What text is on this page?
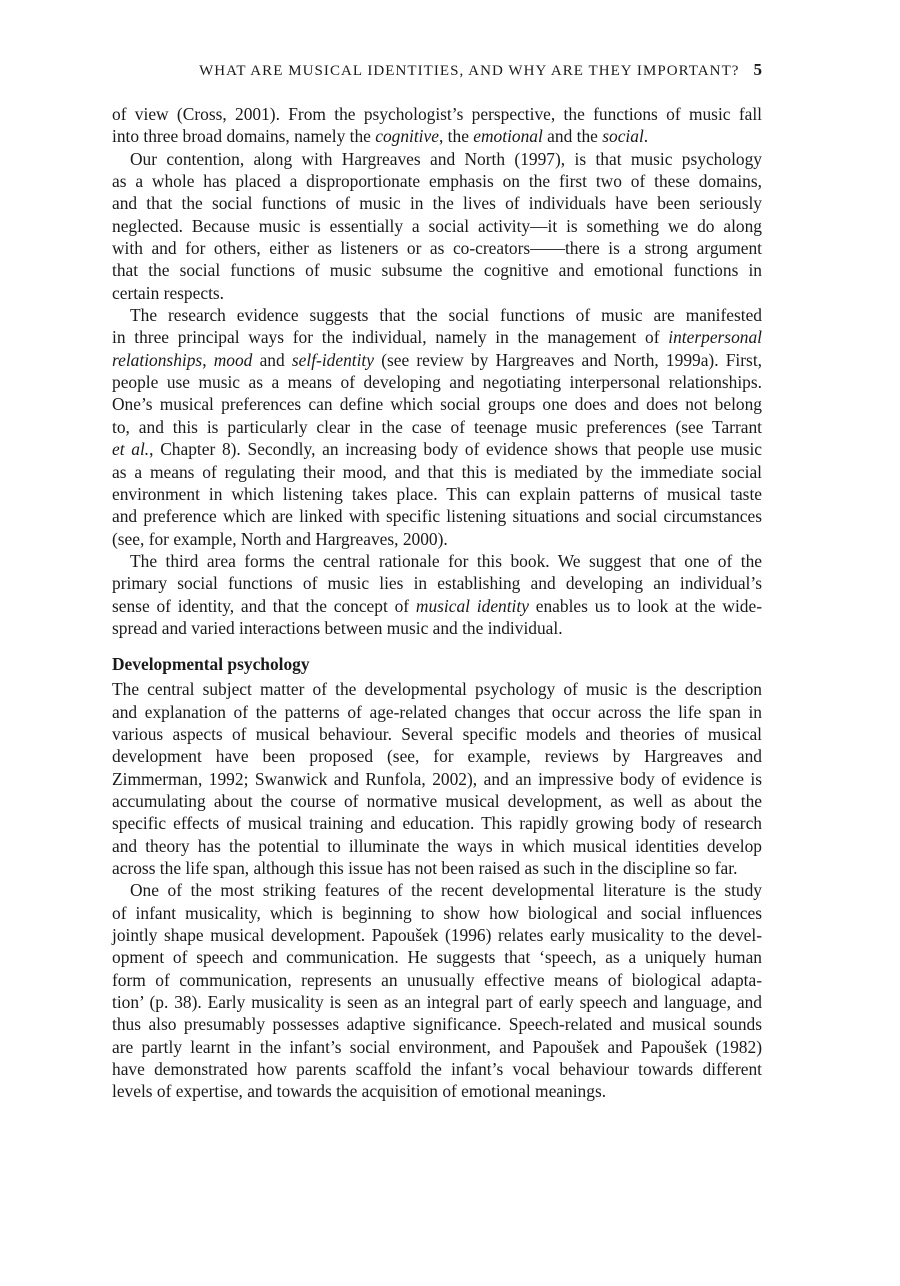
WHAT ARE MUSICAL IDENTITIES, AND WHY ARE THEY IMPORTANT? 5
of view (Cross, 2001). From the psychologist’s perspective, the functions of music fall
into three broad domains, namely the cognitive, the emotional and the social.
Our contention, along with Hargreaves and North (1997), is that music psychology
as a whole has placed a disproportionate emphasis on the first two of these domains,
and that the social functions of music in the lives of individuals have been seriously
neglected. Because music is essentially a social activity—it is something we do along
with and for others, either as listeners or as co-creators——there is a strong argument
that the social functions of music subsume the cognitive and emotional functions in
certain respects.
The research evidence suggests that the social functions of music are manifested
in three principal ways for the individual, namely in the management of interpersonal
relationships, mood and self-identity (see review by Hargreaves and North, 1999a). First,
people use music as a means of developing and negotiating interpersonal relationships.
One’s musical preferences can define which social groups one does and does not belong
to, and this is particularly clear in the case of teenage music preferences (see Tarrant
et al., Chapter 8). Secondly, an increasing body of evidence shows that people use music
as a means of regulating their mood, and that this is mediated by the immediate social
environment in which listening takes place. This can explain patterns of musical taste
and preference which are linked with specific listening situations and social circumstances
(see, for example, North and Hargreaves, 2000).
The third area forms the central rationale for this book. We suggest that one of the
primary social functions of music lies in establishing and developing an individual’s
sense of identity, and that the concept of musical identity enables us to look at the wide-
spread and varied interactions between music and the individual.
Developmental psychology
The central subject matter of the developmental psychology of music is the description
and explanation of the patterns of age-related changes that occur across the life span in
various aspects of musical behaviour. Several specific models and theories of musical
development have been proposed (see, for example, reviews by Hargreaves and
Zimmerman, 1992; Swanwick and Runfola, 2002), and an impressive body of evidence is
accumulating about the course of normative musical development, as well as about the
specific effects of musical training and education. This rapidly growing body of research
and theory has the potential to illuminate the ways in which musical identities develop
across the life span, although this issue has not been raised as such in the discipline so far.
One of the most striking features of the recent developmental literature is the study
of infant musicality, which is beginning to show how biological and social influences
jointly shape musical development. Papoušek (1996) relates early musicality to the devel-
opment of speech and communication. He suggests that ‘speech, as a uniquely human
form of communication, represents an unusually effective means of biological adapta-
tion’ (p. 38). Early musicality is seen as an integral part of early speech and language, and
thus also presumably possesses adaptive significance. Speech-related and musical sounds
are partly learnt in the infant’s social environment, and Papoušek and Papoušek (1982)
have demonstrated how parents scaffold the infant’s vocal behaviour towards different
levels of expertise, and towards the acquisition of emotional meanings.
